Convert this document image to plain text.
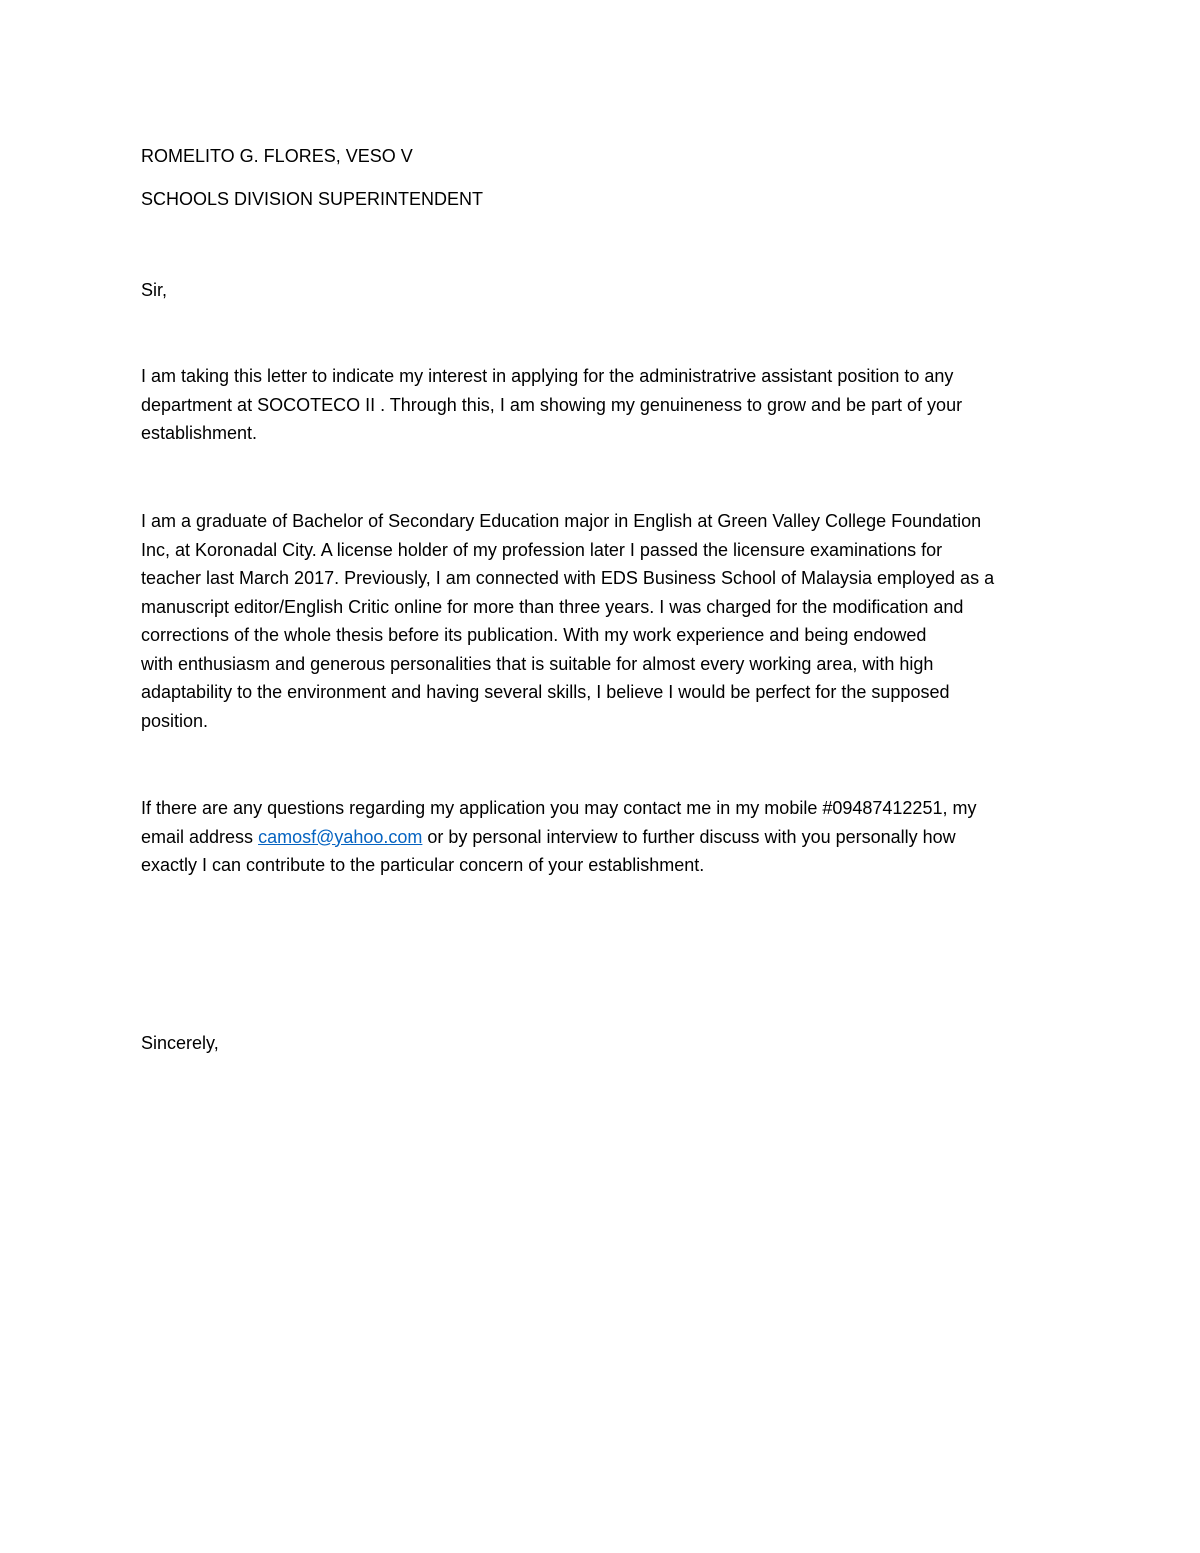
ROMELITO G. FLORES, VESO V
SCHOOLS DIVISION SUPERINTENDENT
Sir,
I am taking this letter to indicate my interest in applying for the administratrive assistant position to any
department at SOCOTECO II . Through this, I am showing my genuineness to grow and be part of your
establishment.
I am a graduate of Bachelor of Secondary Education major in English at Green Valley College Foundation
Inc, at Koronadal City. A license holder of my profession later I passed the licensure examinations for
teacher last March 2017. Previously, I am connected with EDS Business School of Malaysia employed as a
manuscript editor/English Critic online for more than three years. I was charged for the modification and
corrections of the whole thesis before its publication. With my work experience and being endowed
with enthusiasm and generous personalities that is suitable for almost every working area, with high
adaptability to the environment and having several skills, I believe I would be perfect for the supposed
position.
If there are any questions regarding my application you may contact me in my mobile #09487412251, my
email address camosf@yahoo.com or by personal interview to further discuss with you personally how
exactly I can contribute to the particular concern of your establishment.
Sincerely,
